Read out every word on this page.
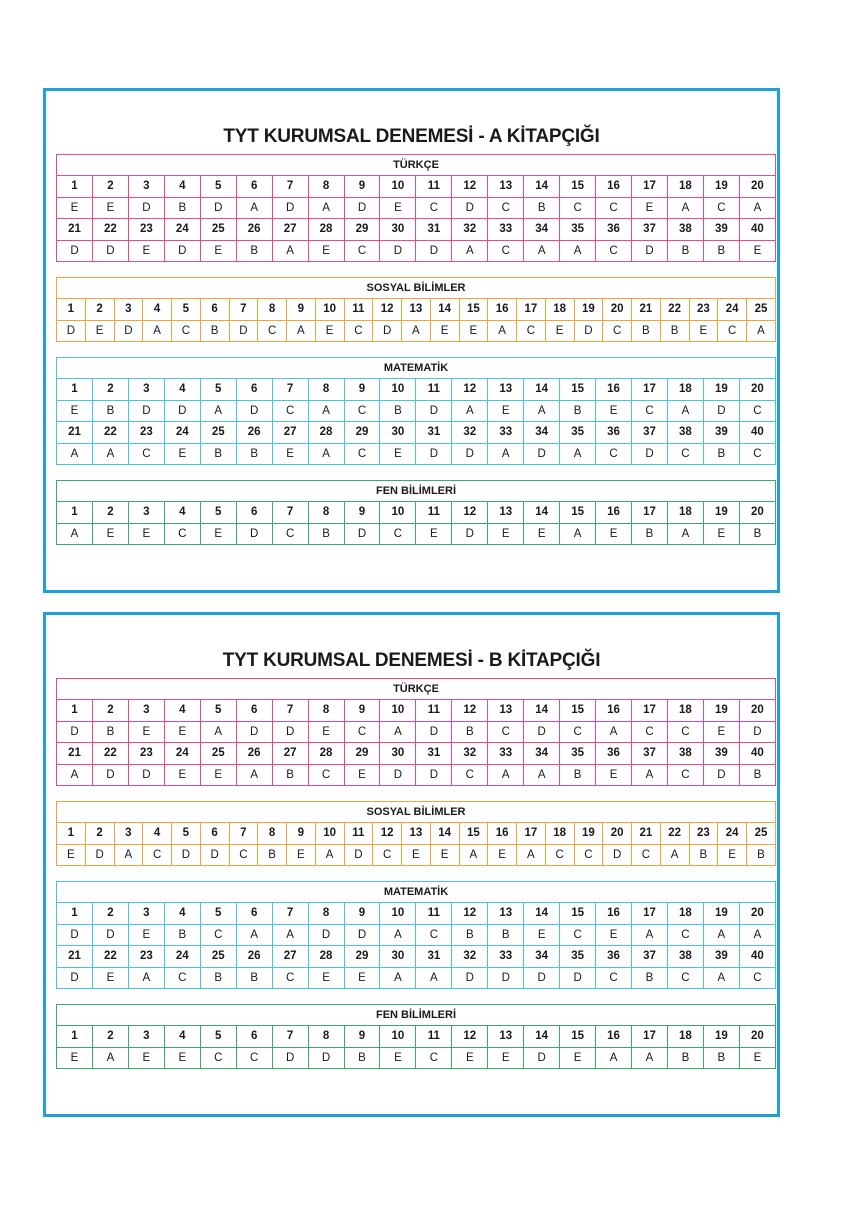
TYT KURUMSAL DENEMESİ - A KİTAPÇIĞI
TÜRKÇE																			
1	2	3	4	5	6	7	8	9	10	11	12	13	14	15	16	17	18	19	20
E	E	D	B	D	A	D	A	D	E	C	D	C	B	C	C	E	A	C	A
21	22	23	24	25	26	27	28	29	30	31	32	33	34	35	36	37	38	39	40
D	D	E	D	E	B	A	E	C	D	D	A	C	A	A	C	D	B	B	E
SOSYAL BİLİMLER																								
1	2	3	4	5	6	7	8	9	10	11	12	13	14	15	16	17	18	19	20	21	22	23	24	25
D	E	D	A	C	B	D	C	A	E	C	D	A	E	E	A	C	E	D	C	B	B	E	C	A
MATEMATİK																			
1	2	3	4	5	6	7	8	9	10	11	12	13	14	15	16	17	18	19	20
E	B	D	D	A	D	C	A	C	B	D	A	E	A	B	E	C	A	D	C
21	22	23	24	25	26	27	28	29	30	31	32	33	34	35	36	37	38	39	40
A	A	C	E	B	B	E	A	C	E	D	D	A	D	A	C	D	C	B	C
FEN BİLİMLERİ																			
1	2	3	4	5	6	7	8	9	10	11	12	13	14	15	16	17	18	19	20
A	E	E	C	E	D	C	B	D	C	E	D	E	E	A	E	B	A	E	B
TYT KURUMSAL DENEMESİ - B KİTAPÇIĞI
TÜRKÇE																			
1	2	3	4	5	6	7	8	9	10	11	12	13	14	15	16	17	18	19	20
D	B	E	E	A	D	D	E	C	A	D	B	C	D	C	A	C	C	E	D
21	22	23	24	25	26	27	28	29	30	31	32	33	34	35	36	37	38	39	40
A	D	D	E	E	A	B	C	E	D	D	C	A	A	B	E	A	C	D	B
SOSYAL BİLİMLER																								
1	2	3	4	5	6	7	8	9	10	11	12	13	14	15	16	17	18	19	20	21	22	23	24	25
E	D	A	C	D	D	C	B	E	A	D	C	E	E	A	E	A	C	C	D	C	A	B	E	B
MATEMATİK																			
1	2	3	4	5	6	7	8	9	10	11	12	13	14	15	16	17	18	19	20
D	D	E	B	C	A	A	D	D	A	C	B	B	E	C	E	A	C	A	A
21	22	23	24	25	26	27	28	29	30	31	32	33	34	35	36	37	38	39	40
D	E	A	C	B	B	C	E	E	A	A	D	D	D	D	C	B	C	A	C
FEN BİLİMLERİ																			
1	2	3	4	5	6	7	8	9	10	11	12	13	14	15	16	17	18	19	20
E	A	E	E	C	C	D	D	B	E	C	E	E	D	E	A	A	B	B	E
